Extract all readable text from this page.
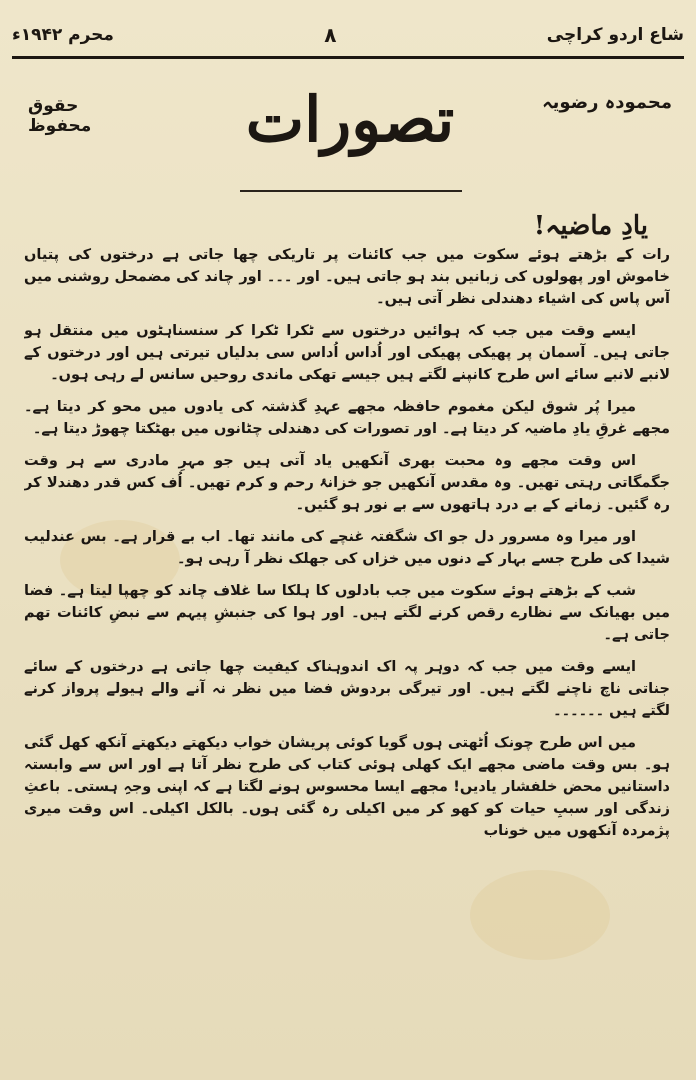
شاع اردو کراچی
۸
محرم ۱۹۴۲ء
محمودہ رضویہ
حقوق محفوظ	تصورات
یادِ ماضیہ!

رات کے بڑھتے ہوئے سکوت میں جب کائنات پر تاریکی چھا جاتی ہے درختوں کی پتیاں خاموش اور پھولوں کی زبانیں بند ہو جاتی ہیں۔ اور ۔۔۔ اور چاند کی مضمحل روشنی میں آس پاس کی اشیاء دھندلی نظر آتی ہیں۔

ایسے وقت میں جب کہ ہوائیں درختوں سے ٹکرا ٹکرا کر سنسناہٹوں میں منتقل ہو جاتی ہیں۔ آسمان پر پھیکی پھیکی اور اُداس اُداس سی بدلیاں تیرتی ہیں اور درختوں کے لانبے لانبے سائے اس طرح کانپنے لگتے ہیں جیسے تھکی ماندی روحیں سانس لے رہی ہوں۔

میرا پُر شوق لیکن مغموم حافظہ مجھے عہدِ گذشتہ کی یادوں میں محو کر دیتا ہے۔ مجھے غرقِ یادِ ماضیہ کر دیتا ہے۔ اور تصورات کی دھندلی چٹانوں میں بھٹکتا چھوڑ دیتا ہے۔

اس وقت مجھے وہ محبت بھری آنکھیں یاد آتی ہیں جو مہرِ مادری سے ہر وقت جگمگاتی رہتی تھیں۔ وہ مقدس آنکھیں جو خزانۂ رحم و کرم تھیں۔ اُف کس قدر دھندلا کر رہ گئیں۔ زمانے کے بے درد ہاتھوں سے بے نور ہو گئیں۔

اور میرا وہ مسرور دل جو اک شگفتہ غنچے کی مانند تھا۔ اب بے قرار ہے۔ بس عندلیب شیدا کی طرح جسے بہار کے دنوں میں خزاں کی جھلک نظر آ رہی ہو۔

شب کے بڑھتے ہوئے سکوت میں جب بادلوں کا ہلکا سا غلاف چاند کو چھپا لیتا ہے۔ فضا میں بھیانک سے نظارے رقص کرنے لگتے ہیں۔ اور ہوا کی جنبشِ پیہم سے نبضِ کائنات تھم جاتی ہے۔

ایسے وقت میں جب کہ دوہر پہ اک اندوہناک کیفیت چھا جاتی ہے درختوں کے سائے جناتی ناچ ناچنے لگتے ہیں۔ اور تیرگی بردوش فضا میں نظر نہ آنے والے ہیولے پرواز کرنے لگتے ہیں ۔۔۔۔۔۔

میں اس طرح چونک اُٹھتی ہوں گویا کوئی پریشان خواب دیکھتے دیکھتے آنکھ کھل گئی ہو۔ بس وقت ماضی مجھے ایک کھلی ہوئی کتاب کی طرح نظر آتا ہے اور اس سے وابستہ داستانیں محض خلفشار یادیں! مجھے ایسا محسوس ہونے لگتا ہے کہ اپنی وجہِ ہستی۔ باعثِ زندگی اور سببِ حیات کو کھو کر میں اکیلی رہ گئی ہوں۔ بالکل اکیلی۔ اس وقت میری پژمردہ آنکھوں میں خوناب
